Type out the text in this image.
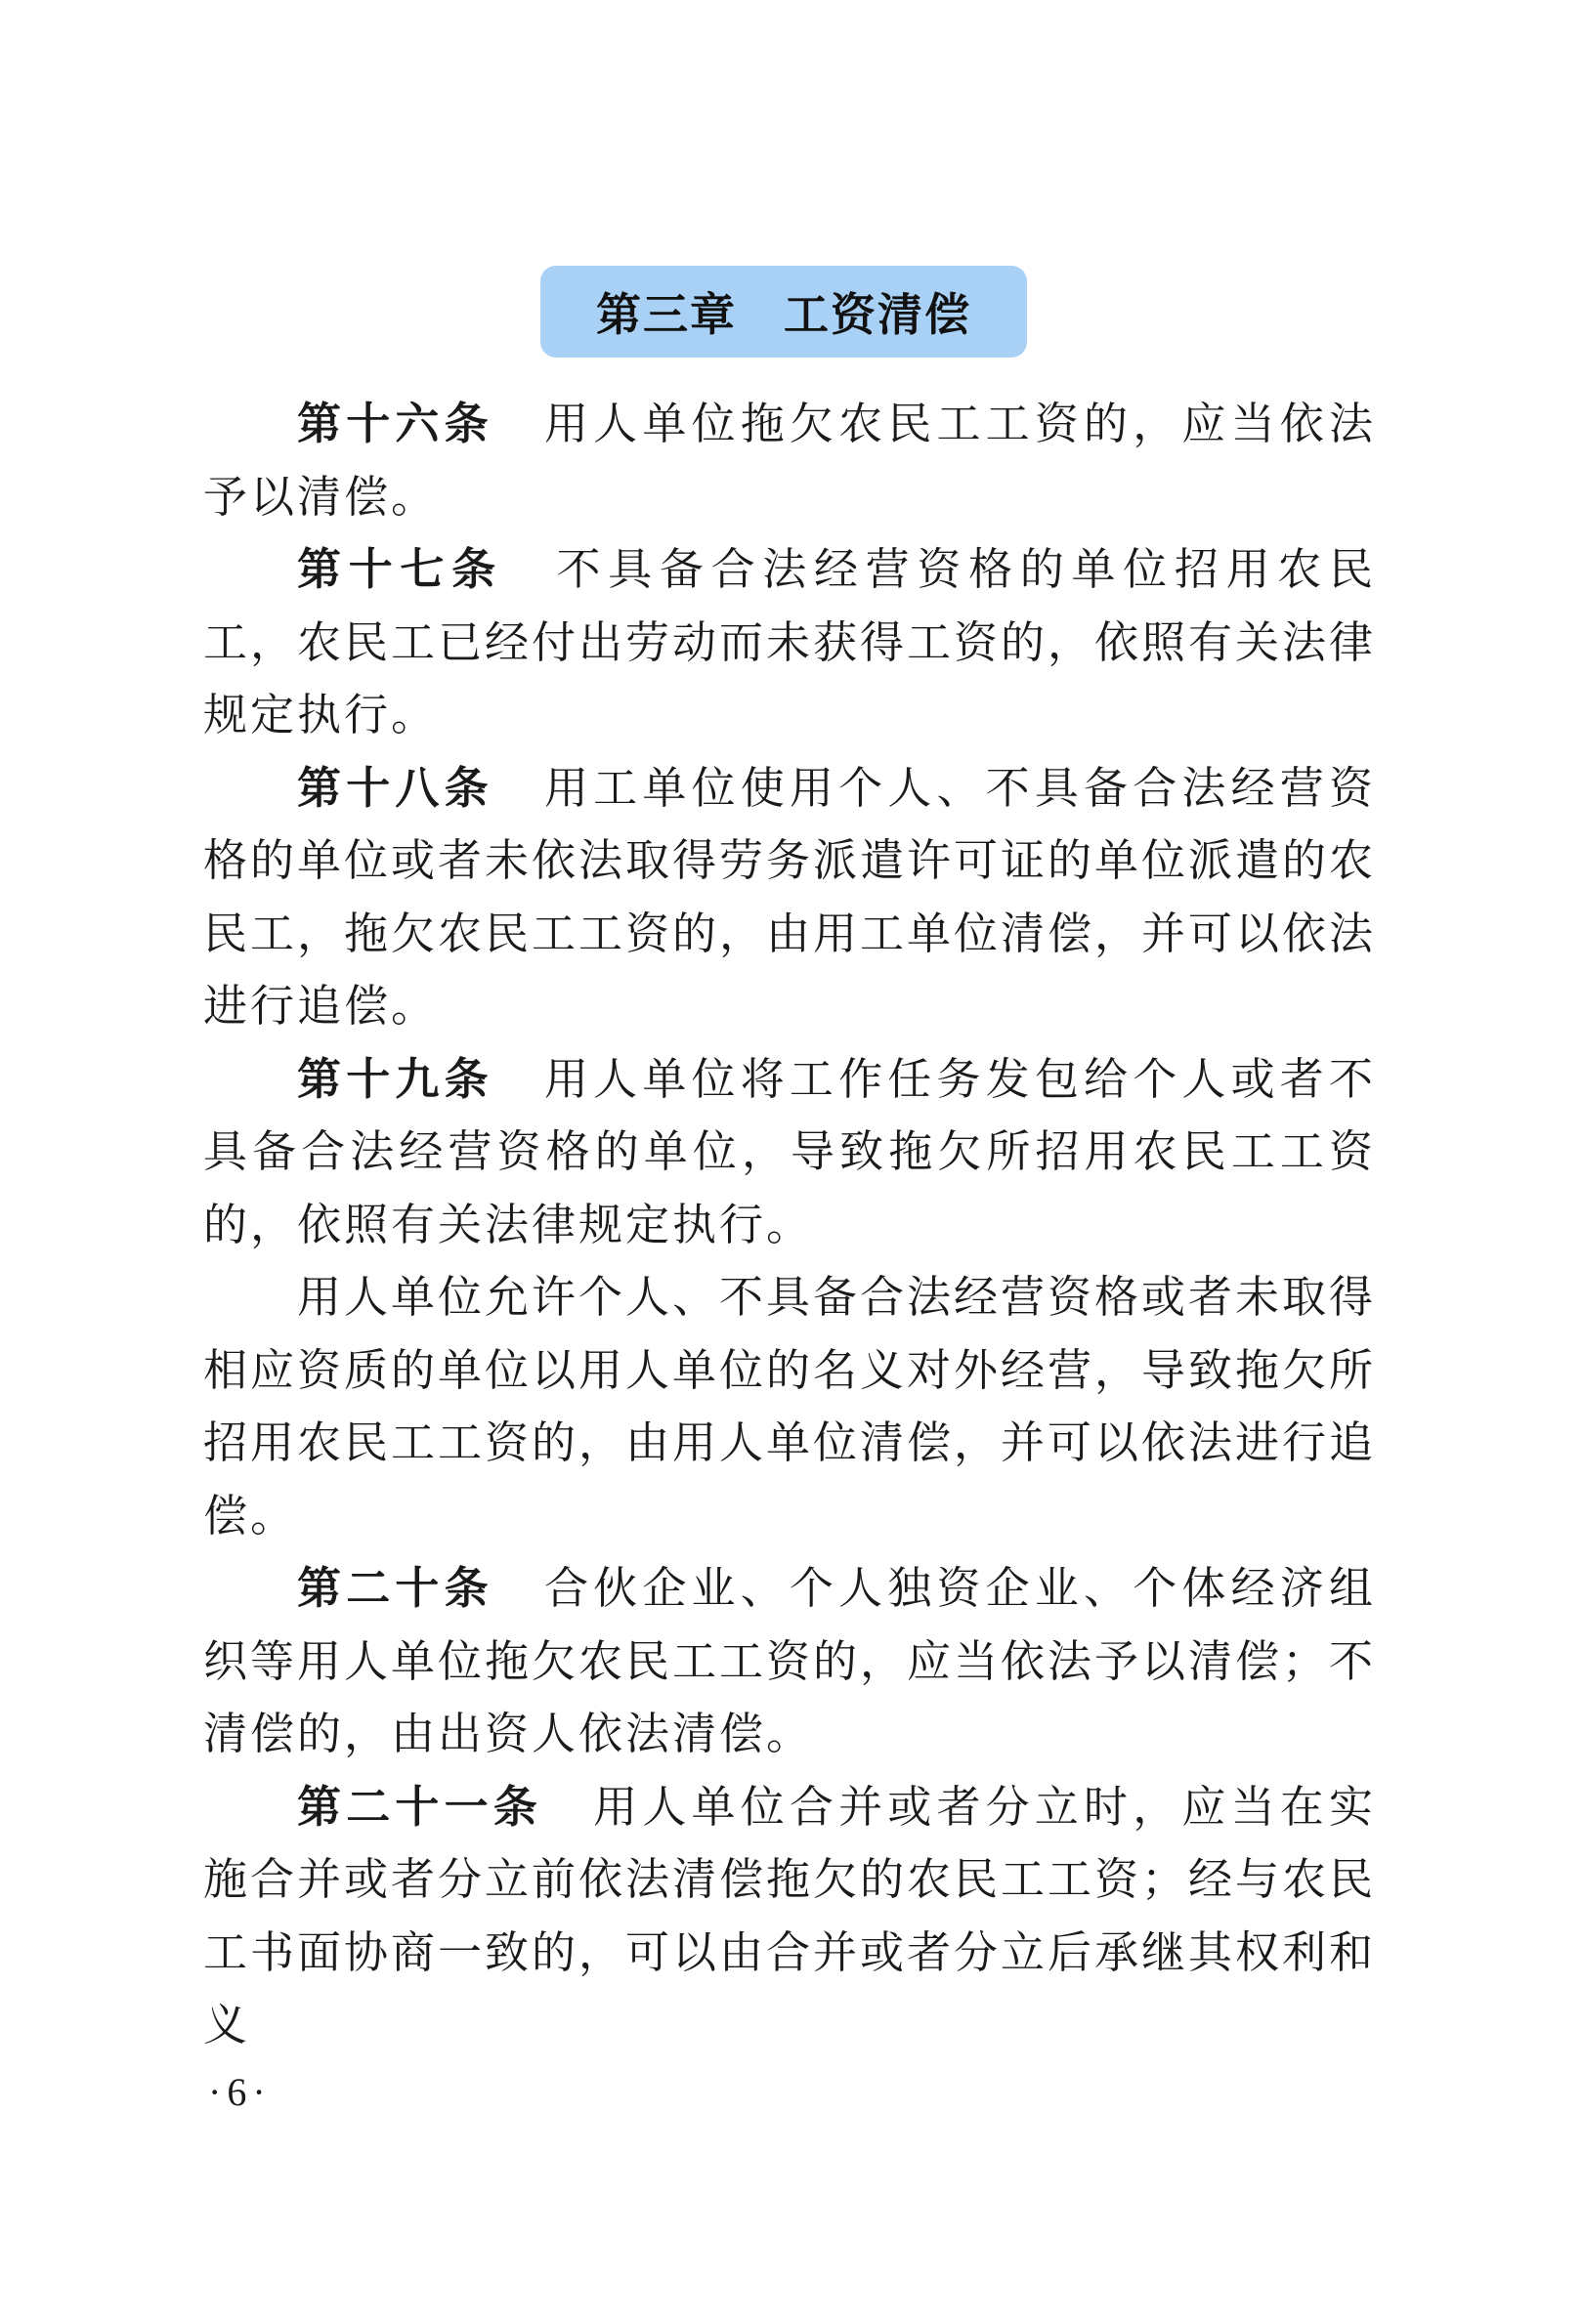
第三章　工资清偿

第十六条 用人单位拖欠农民工工资的，应当依法予以清偿。

第十七条 不具备合法经营资格的单位招用农民工，农民工已经付出劳动而未获得工资的，依照有关法律规定执行。

第十八条 用工单位使用个人、不具备合法经营资格的单位或者未依法取得劳务派遣许可证的单位派遣的农民工，拖欠农民工工资的，由用工单位清偿，并可以依法进行追偿。

第十九条 用人单位将工作任务发包给个人或者不具备合法经营资格的单位，导致拖欠所招用农民工工资的，依照有关法律规定执行。

用人单位允许个人、不具备合法经营资格或者未取得相应资质的单位以用人单位的名义对外经营，导致拖欠所招用农民工工资的，由用人单位清偿，并可以依法进行追偿。

第二十条 合伙企业、个人独资企业、个体经济组织等用人单位拖欠农民工工资的，应当依法予以清偿；不清偿的，由出资人依法清偿。

第二十一条 用人单位合并或者分立时，应当在实施合并或者分立前依法清偿拖欠的农民工工资；经与农民工书面协商一致的，可以由合并或者分立后承继其权利和义

·6·
